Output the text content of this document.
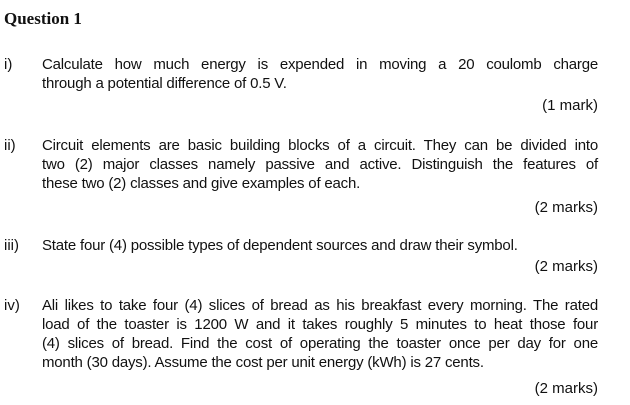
Question 1
i) Calculate how much energy is expended in moving a 20 coulomb charge
through a potential difference of 0.5 V.
(1 mark)
ii) Circuit elements are basic building blocks of a circuit. They can be divided into
two (2) major classes namely passive and active. Distinguish the features of
these two (2) classes and give examples of each.
(2 marks)
iii) State four (4) possible types of dependent sources and draw their symbol.
(2 marks)
iv) Ali likes to take four (4) slices of bread as his breakfast every morning. The rated
load of the toaster is 1200 W and it takes roughly 5 minutes to heat those four
(4) slices of bread. Find the cost of operating the toaster once per day for one
month (30 days). Assume the cost per unit energy (kWh) is 27 cents.
(2 marks)
